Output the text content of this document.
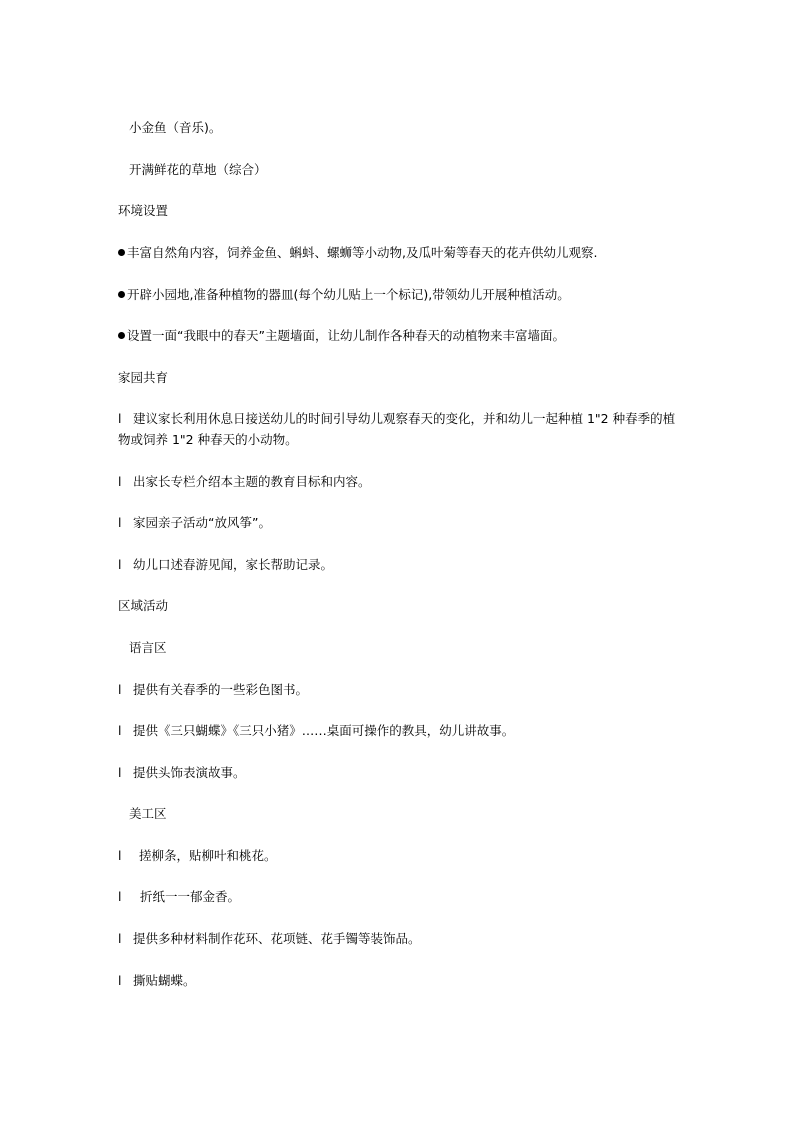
小金鱼（音乐)。
开满鲜花的草地（综合）
环境设置
丰富自然角内容，饲养金鱼、蝌蚪、螺蛳等小动物,及瓜叶菊等春天的花卉供幼儿观察.
开辟小园地,准备种植物的器皿(每个幼儿贴上一个标记),带领幼儿开展种植活动。
设置一面“我眼中的春天”主题墙面，让幼儿制作各种春天的动植物来丰富墙面。
家园共育
l 建议家长利用休息日接送幼儿的时间引导幼儿观察春天的变化，并和幼儿一起种植 1"2 种春季的植物或饲养 1"2 种春天的小动物。
l 出家长专栏介绍本主题的教育目标和内容。
l 家园亲子活动“放风筝”。
l 幼儿口述春游见闻，家长帮助记录。
区域活动
语言区
l 提供有关春季的一些彩色图书。
l 提供《三只蝴蝶》《三只小猪》……桌面可操作的教具，幼儿讲故事。
l 提供头饰表演故事。
美工区
l 搓柳条，贴柳叶和桃花。
l 折纸一一郁金香。
l 提供多种材料制作花环、花项链、花手镯等装饰品。
l 撕贴蝴蝶。
